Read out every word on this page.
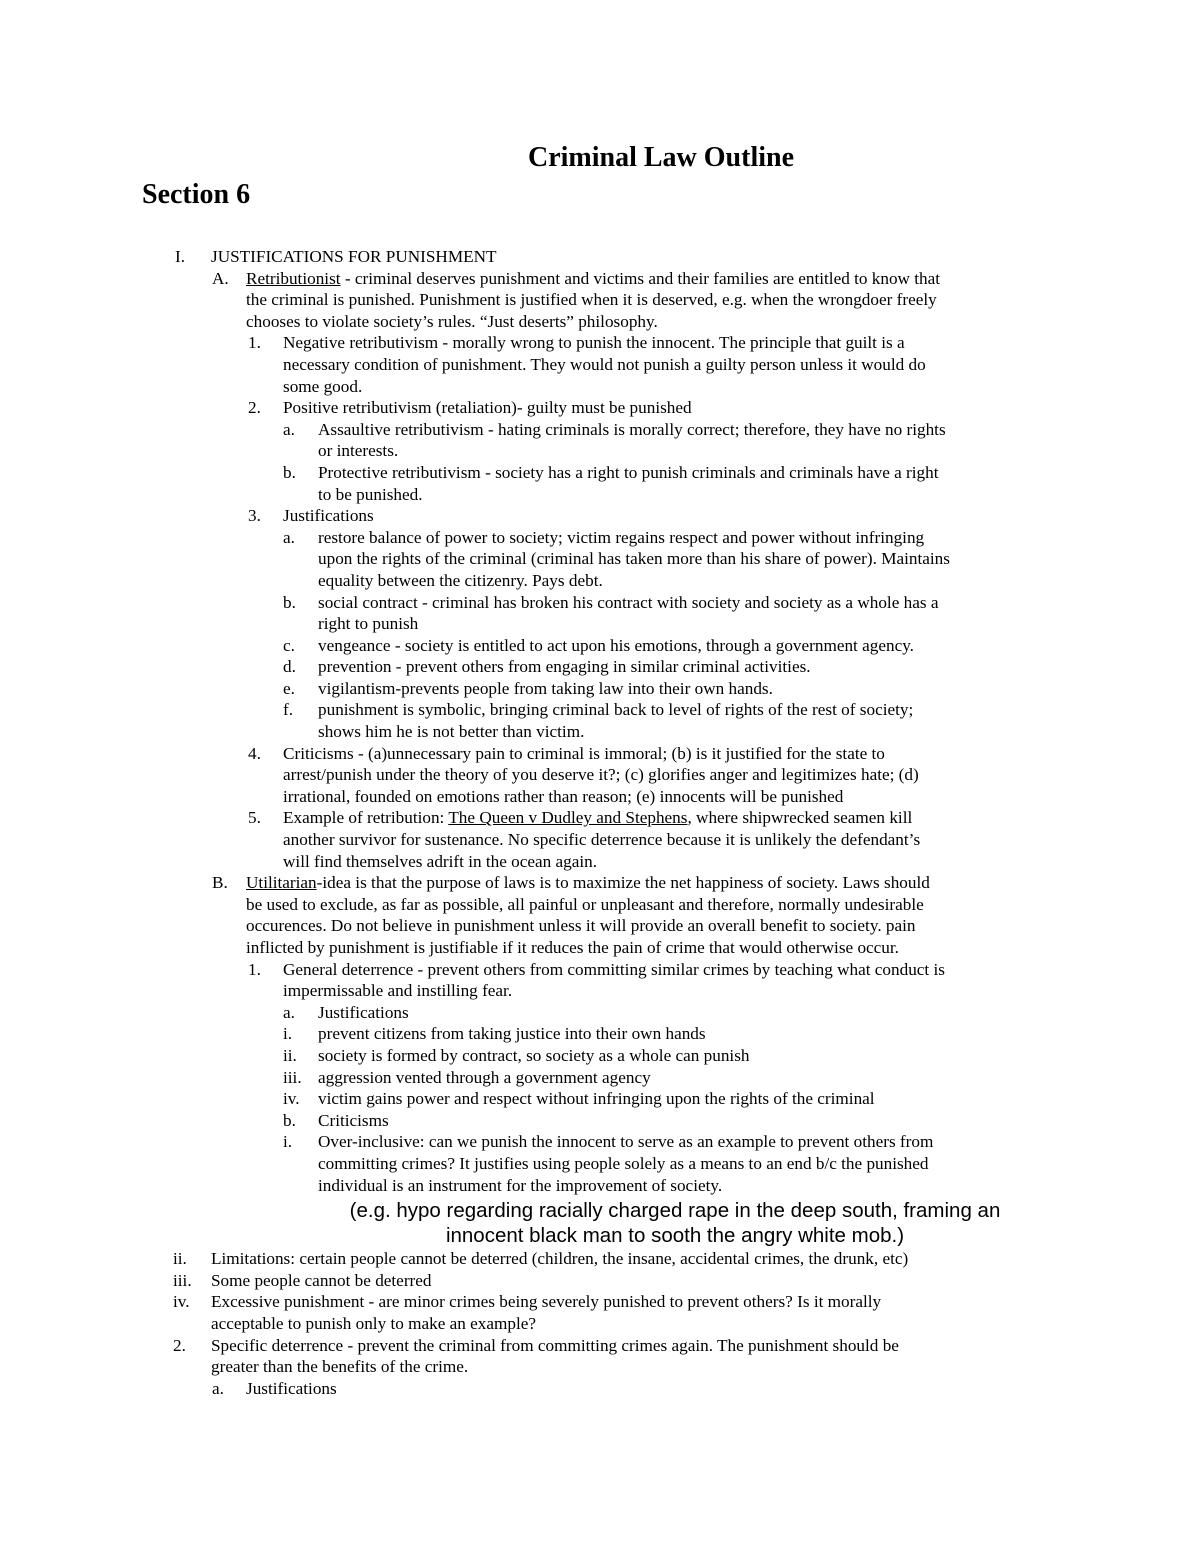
Criminal Law Outline
Section 6
I. JUSTIFICATIONS FOR PUNISHMENT
A. Retributionist - criminal deserves punishment and victims and their families are entitled to know that
the criminal is punished. Punishment is justified when it is deserved, e.g. when the wrongdoer freely
chooses to violate society’s rules. “Just deserts” philosophy.
1. Negative retributivism - morally wrong to punish the innocent. The principle that guilt is a
necessary condition of punishment. They would not punish a guilty person unless it would do
some good.
2. Positive retributivism (retaliation)- guilty must be punished
a. Assaultive retributivism - hating criminals is morally correct; therefore, they have no rights
or interests.
b. Protective retributivism - society has a right to punish criminals and criminals have a right
to be punished.
3. Justifications
a. restore balance of power to society; victim regains respect and power without infringing
upon the rights of the criminal (criminal has taken more than his share of power). Maintains
equality between the citizenry. Pays debt.
b. social contract - criminal has broken his contract with society and society as a whole has a
right to punish
c. vengeance - society is entitled to act upon his emotions, through a government agency.
d. prevention - prevent others from engaging in similar criminal activities.
e. vigilantism-prevents people from taking law into their own hands.
f. punishment is symbolic, bringing criminal back to level of rights of the rest of society;
shows him he is not better than victim.
4. Criticisms - (a)unnecessary pain to criminal is immoral; (b) is it justified for the state to
arrest/punish under the theory of you deserve it?; (c) glorifies anger and legitimizes hate; (d)
irrational, founded on emotions rather than reason; (e) innocents will be punished
5. Example of retribution: The Queen v Dudley and Stephens, where shipwrecked seamen kill
another survivor for sustenance. No specific deterrence because it is unlikely the defendant’s
will find themselves adrift in the ocean again.
B. Utilitarian-idea is that the purpose of laws is to maximize the net happiness of society. Laws should
be used to exclude, as far as possible, all painful or unpleasant and therefore, normally undesirable
occurences. Do not believe in punishment unless it will provide an overall benefit to society. pain
inflicted by punishment is justifiable if it reduces the pain of crime that would otherwise occur.
1. General deterrence - prevent others from committing similar crimes by teaching what conduct is
impermissable and instilling fear.
a. Justifications
i. prevent citizens from taking justice into their own hands
ii. society is formed by contract, so society as a whole can punish
iii. aggression vented through a government agency
iv. victim gains power and respect without infringing upon the rights of the criminal
b. Criticisms
i. Over-inclusive: can we punish the innocent to serve as an example to prevent others from
committing crimes? It justifies using people solely as a means to an end b/c the punished
individual is an instrument for the improvement of society.
(e.g. hypo regarding racially charged rape in the deep south, framing an
innocent black man to sooth the angry white mob.)
ii. Limitations: certain people cannot be deterred (children, the insane, accidental crimes, the drunk, etc)
iii. Some people cannot be deterred
iv. Excessive punishment - are minor crimes being severely punished to prevent others? Is it morally
acceptable to punish only to make an example?
2. Specific deterrence - prevent the criminal from committing crimes again. The punishment should be
greater than the benefits of the crime.
a. Justifications
